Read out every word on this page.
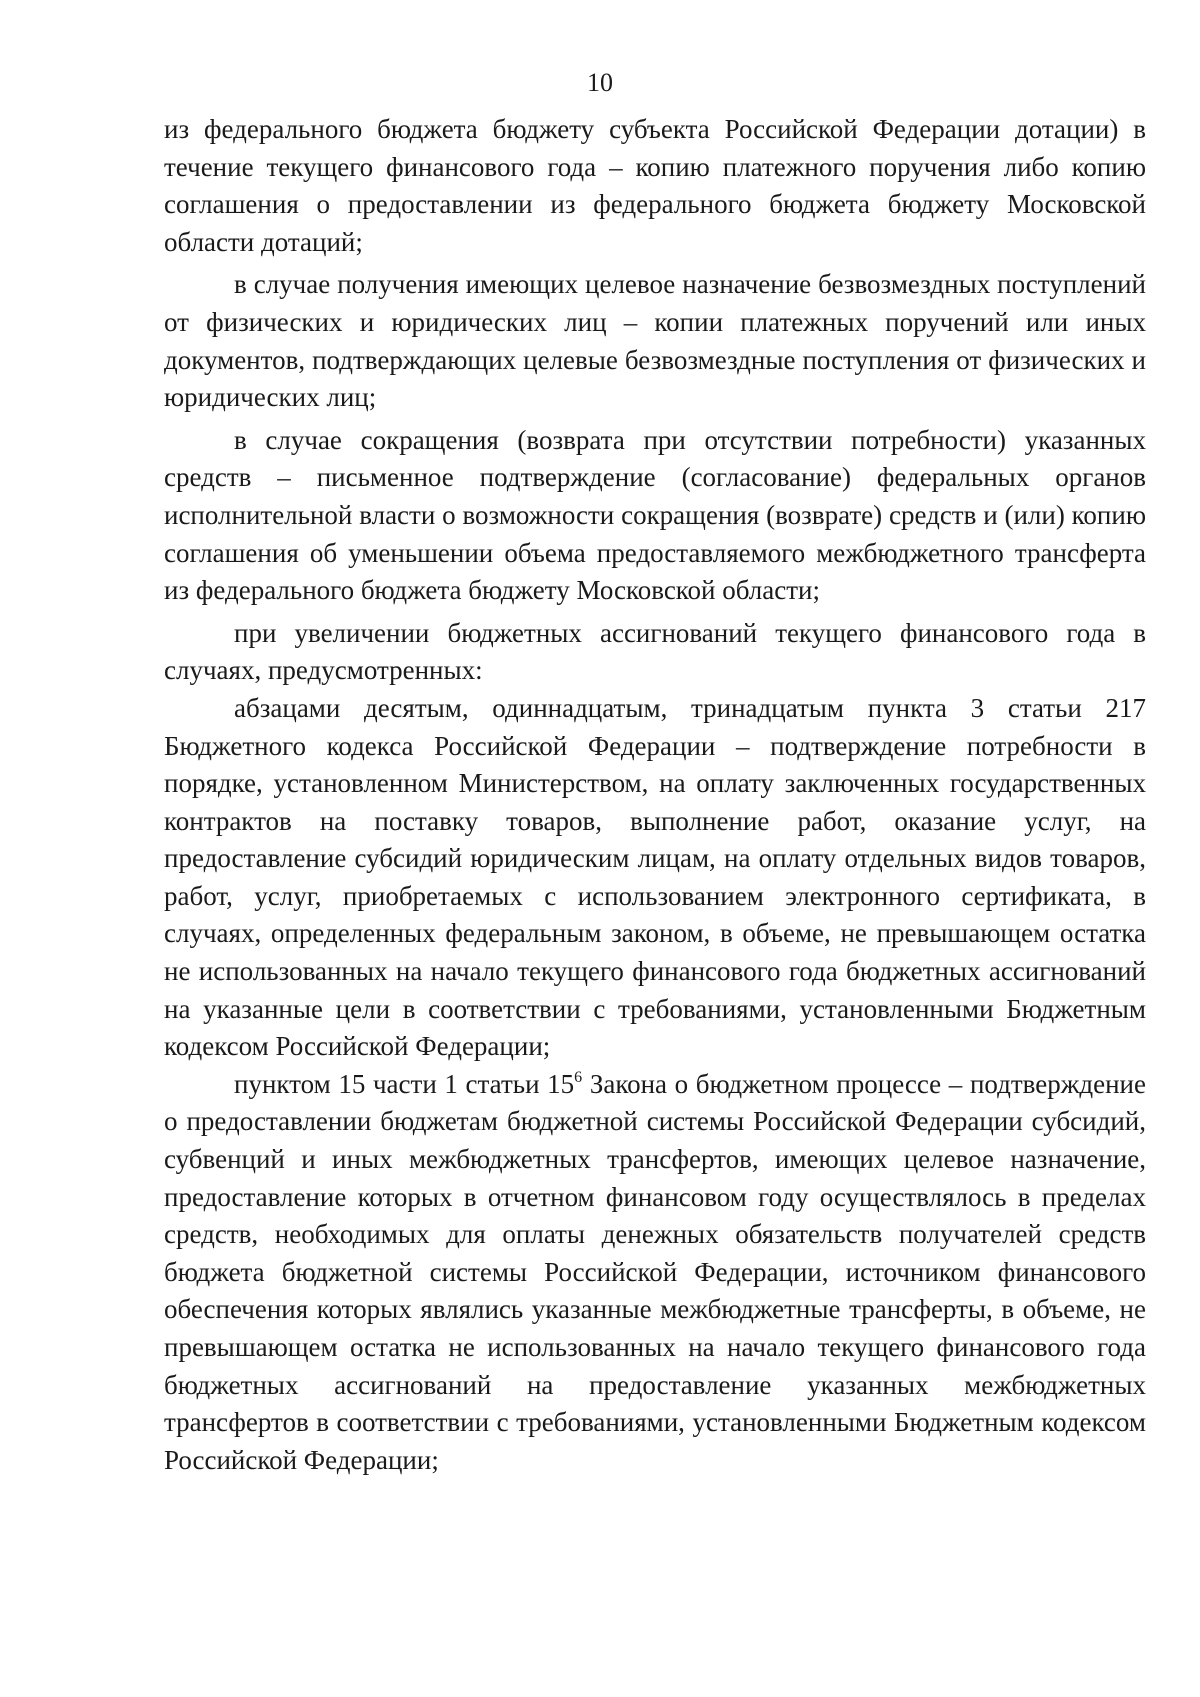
10

из федерального бюджета бюджету субъекта Российской Федерации дотации) в течение текущего финансового года – копию платежного поручения либо копию соглашения о предоставлении из федерального бюджета бюджету Московской области дотаций;

в случае получения имеющих целевое назначение безвозмездных поступлений от физических и юридических лиц – копии платежных поручений или иных документов, подтверждающих целевые безвозмездные поступления от физических и юридических лиц;

в случае сокращения (возврата при отсутствии потребности) указанных средств – письменное подтверждение (согласование) федеральных органов исполнительной власти о возможности сокращения (возврате) средств и (или) копию соглашения об уменьшении объема предоставляемого межбюджетного трансферта из федерального бюджета бюджету Московской области;

при увеличении бюджетных ассигнований текущего финансового года в случаях, предусмотренных:

абзацами десятым, одиннадцатым, тринадцатым пункта 3 статьи 217 Бюджетного кодекса Российской Федерации – подтверждение потребности в порядке, установленном Министерством, на оплату заключенных государственных контрактов на поставку товаров, выполнение работ, оказание услуг, на предоставление субсидий юридическим лицам, на оплату отдельных видов товаров, работ, услуг, приобретаемых с использованием электронного сертификата, в случаях, определенных федеральным законом, в объеме, не превышающем остатка не использованных на начало текущего финансового года бюджетных ассигнований на указанные цели в соответствии с требованиями, установленными Бюджетным кодексом Российской Федерации;

пунктом 15 части 1 статьи $15^6$ Закона о бюджетном процессе – подтверждение о предоставлении бюджетам бюджетной системы Российской Федерации субсидий, субвенций и иных межбюджетных трансфертов, имеющих целевое назначение, предоставление которых в отчетном финансовом году осуществлялось в пределах средств, необходимых для оплаты денежных обязательств получателей средств бюджета бюджетной системы Российской Федерации, источником финансового обеспечения которых являлись указанные межбюджетные трансферты, в объеме, не превышающем остатка не использованных на начало текущего финансового года бюджетных ассигнований на предоставление указанных межбюджетных трансфертов в соответствии с требованиями, установленными Бюджетным кодексом Российской Федерации;
